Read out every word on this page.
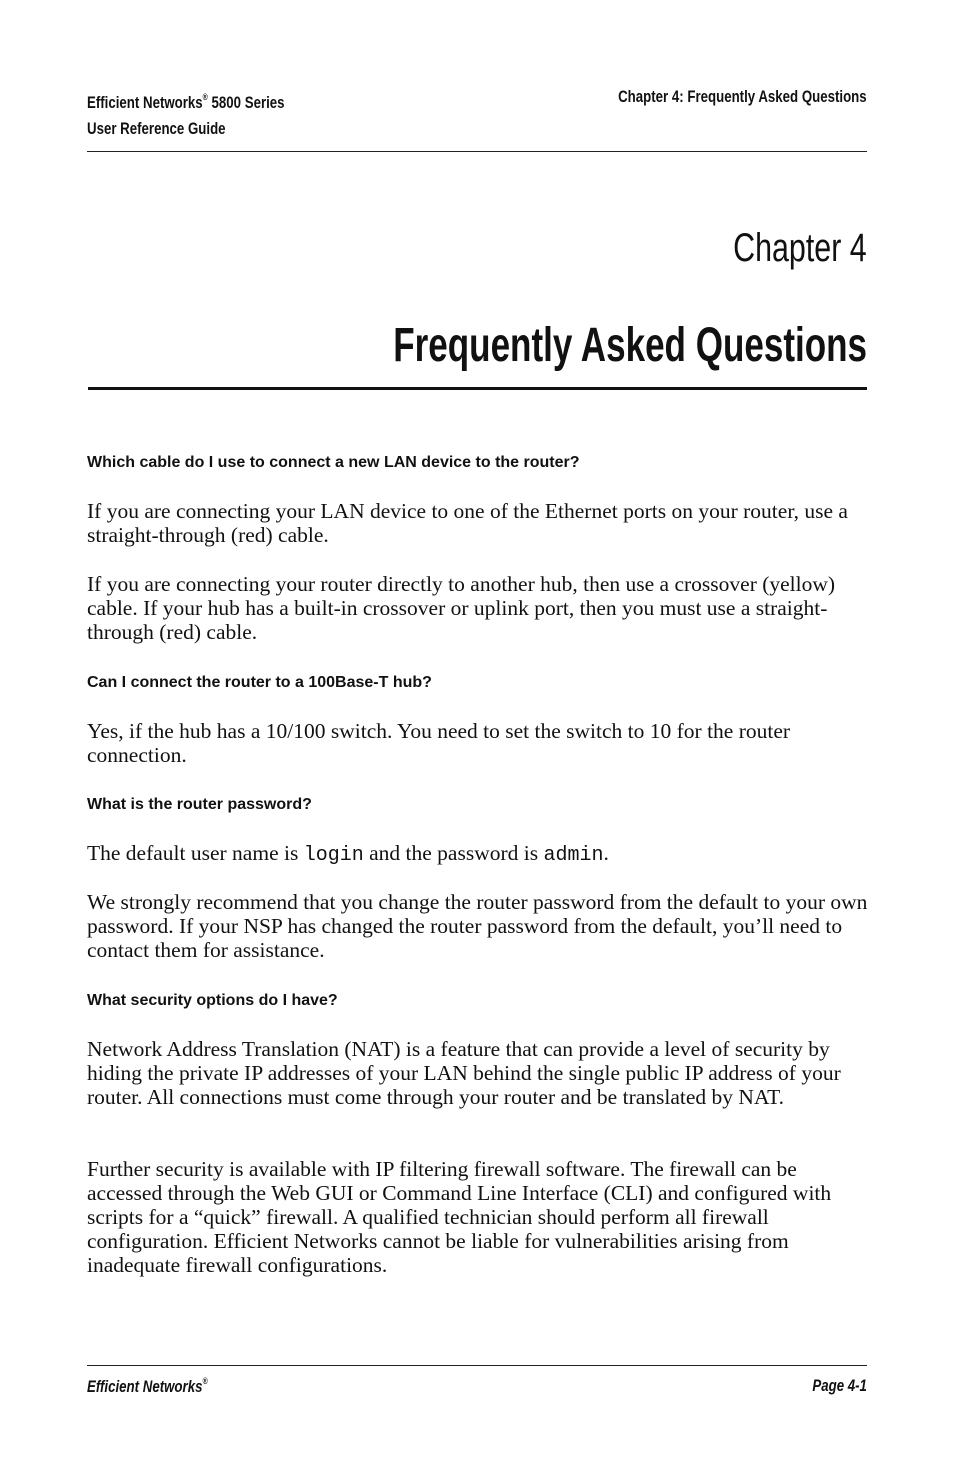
Efficient Networks® 5800 Series
User Reference Guide
Chapter 4: Frequently Asked Questions
Chapter 4
Frequently Asked Questions
Which cable do I use to connect a new LAN device to the router?
If you are connecting your LAN device to one of the Ethernet ports on your router, use a straight-through (red) cable.
If you are connecting your router directly to another hub, then use a crossover (yellow) cable. If your hub has a built-in crossover or uplink port, then you must use a straight-through (red) cable.
Can I connect the router to a 100Base-T hub?
Yes, if the hub has a 10/100 switch. You need to set the switch to 10 for the router connection.
What is the router password?
The default user name is login and the password is admin.
We strongly recommend that you change the router password from the default to your own password. If your NSP has changed the router password from the default, you’ll need to contact them for assistance.
What security options do I have?
Network Address Translation (NAT) is a feature that can provide a level of security by hiding the private IP addresses of your LAN behind the single public IP address of your router. All connections must come through your router and be translated by NAT.
Further security is available with IP filtering firewall software. The firewall can be accessed through the Web GUI or Command Line Interface (CLI) and configured with scripts for a “quick” firewall. A qualified technician should perform all firewall configuration. Efficient Networks cannot be liable for vulnerabilities arising from inadequate firewall configurations.
Efficient Networks®	Page 4-1
